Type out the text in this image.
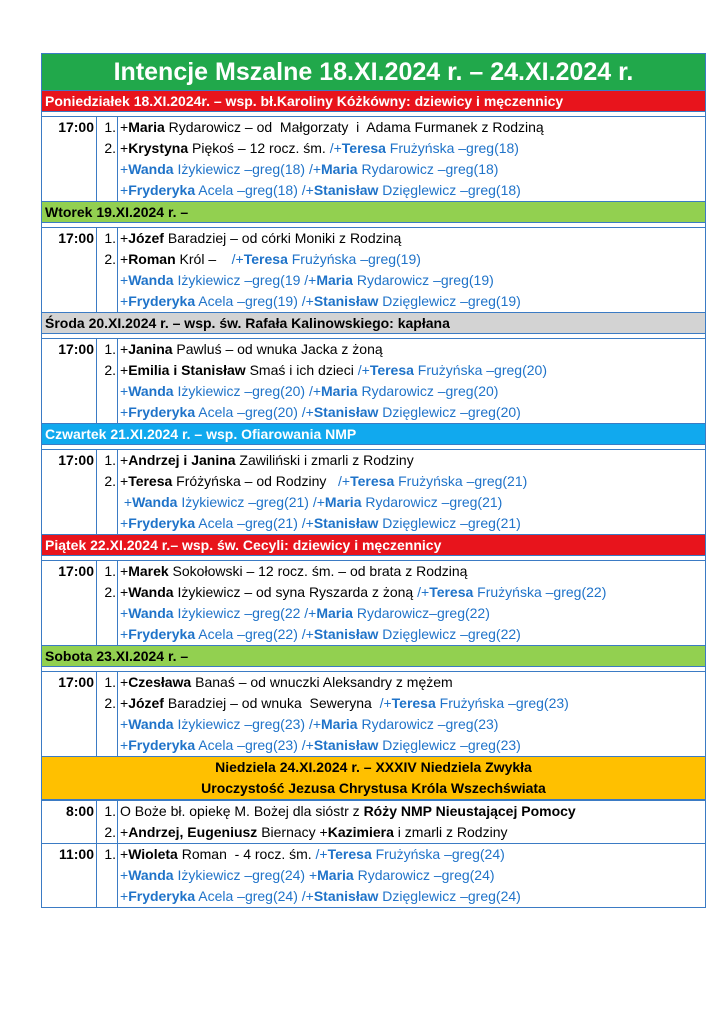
Intencje Mszalne 18.XI.2024 r. – 24.XI.2024 r.
Poniedziałek 18.XI.2024r. – wsp. bł.Karoliny Kóżkówny: dziewicy i męczennicy
17:00 1.
2.
+Maria Rydarowicz – od  Małgorzaty  i  Adama Furmanek z Rodziną
+Krystyna Piękoś – 12 rocz. śm. /+Teresa Frużyńska –greg(18)
+Wanda Iżykiewicz –greg(18) /+Maria Rydarowicz –greg(18)
+Fryderyka Acela –greg(18) /+Stanisław Dzięglewicz –greg(18)
Wtorek 19.XI.2024 r. –
17:00 1.
2.
+Józef Baradziej – od córki Moniki z Rodziną
+Roman Król –    /+Teresa Frużyńska –greg(19)
+Wanda Iżykiewicz –greg(19 /+Maria Rydarowicz –greg(19)
+Fryderyka Acela –greg(19) /+Stanisław Dzięglewicz –greg(19)
Środa 20.XI.2024 r. – wsp. św. Rafała Kalinowskiego: kapłana
17:00 1.
2.
+Janina Pawluś – od wnuka Jacka z żoną
+Emilia i Stanisław Smaś i ich dzieci /+Teresa Frużyńska –greg(20)
+Wanda Iżykiewicz –greg(20) /+Maria Rydarowicz –greg(20)
+Fryderyka Acela –greg(20) /+Stanisław Dzięglewicz –greg(20)
Czwartek 21.XI.2024 r. – wsp. Ofiarowania NMP
17:00 1.
2.
+Andrzej i Janina Zawiliński i zmarli z Rodziny
+Teresa Fróżyńska – od Rodziny   /+Teresa Frużyńska –greg(21)
+Wanda Iżykiewicz –greg(21) /+Maria Rydarowicz –greg(21)
+Fryderyka Acela –greg(21) /+Stanisław Dzięglewicz –greg(21)
Piątek 22.XI.2024 r.– wsp. św. Cecyli: dziewicy i męczennicy
17:00 1.
2.
+Marek Sokołowski – 12 rocz. śm. – od brata z Rodziną
+Wanda Iżykiewicz – od syna Ryszarda z żoną /+Teresa Frużyńska –greg(22)
+Wanda Iżykiewicz –greg(22 /+Maria Rydarowicz–greg(22)
+Fryderyka Acela –greg(22) /+Stanisław Dzięglewicz –greg(22)
Sobota 23.XI.2024 r. –
17:00 1.
2.
+Czesława Banaś – od wnuczki Aleksandry z mężem
+Józef Baradziej – od wnuka  Seweryna  /+Teresa Frużyńska –greg(23)
+Wanda Iżykiewicz –greg(23) /+Maria Rydarowicz –greg(23)
+Fryderyka Acela –greg(23) /+Stanisław Dzięglewicz –greg(23)
Niedziela 24.XI.2024 r. – XXXIV Niedziela Zwykła
Uroczystość Jezusa Chrystusa Króla Wszechświata
8:00 1.
2.
O Boże bł. opiekę M. Bożej dla sióstr z Róży NMP Nieustającej Pomocy
+Andrzej, Eugeniusz Biernacy +Kazimiera i zmarli z Rodziny
11:00 1. +Wioleta Roman  - 4 rocz. śm. /+Teresa Frużyńska –greg(24)
+Wanda Iżykiewicz –greg(24) +Maria Rydarowicz –greg(24)
+Fryderyka Acela –greg(24) /+Stanisław Dzięglewicz –greg(24)
